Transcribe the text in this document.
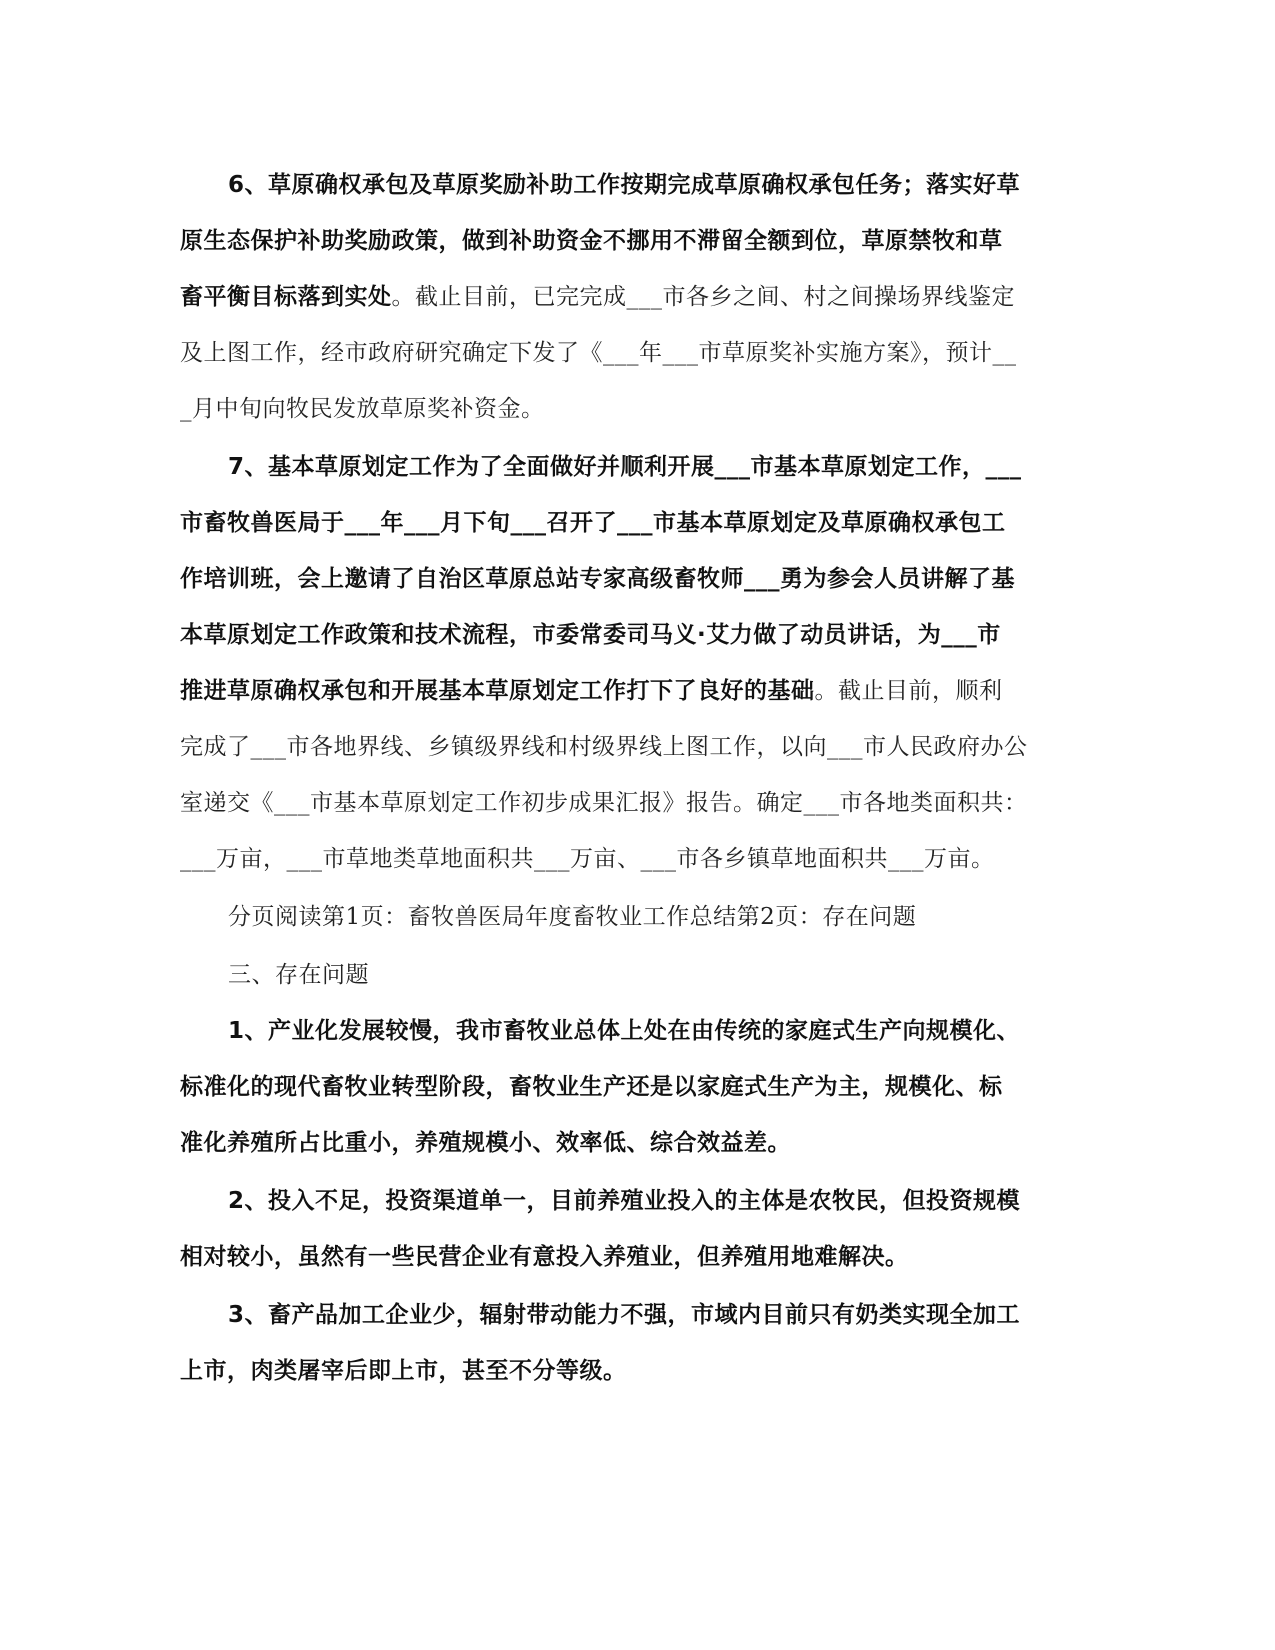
6、草原确权承包及草原奖励补助工作按期完成草原确权承包任务；落实好草
原生态保护补助奖励政策，做到补助资金不挪用不滞留全额到位，草原禁牧和草
畜平衡目标落到实处。截止目前，已完完成___市各乡之间、村之间操场界线鉴定
及上图工作，经市政府研究确定下发了《___年___市草原奖补实施方案》，预计__
_月中旬向牧民发放草原奖补资金。
7、基本草原划定工作为了全面做好并顺利开展___市基本草原划定工作，___
市畜牧兽医局于___年___月下旬___召开了___市基本草原划定及草原确权承包工
作培训班，会上邀请了自治区草原总站专家高级畜牧师___勇为参会人员讲解了基
本草原划定工作政策和技术流程，市委常委司马义·艾力做了动员讲话，为___市
推进草原确权承包和开展基本草原划定工作打下了良好的基础。截止目前，顺利
完成了___市各地界线、乡镇级界线和村级界线上图工作，以向___市人民政府办公
室递交《___市基本草原划定工作初步成果汇报》报告。确定___市各地类面积共：
___万亩，___市草地类草地面积共___万亩、___市各乡镇草地面积共___万亩。
分页阅读第1页：畜牧兽医局年度畜牧业工作总结第2页：存在问题
三、存在问题
1、产业化发展较慢，我市畜牧业总体上处在由传统的家庭式生产向规模化、
标准化的现代畜牧业转型阶段，畜牧业生产还是以家庭式生产为主，规模化、标
准化养殖所占比重小，养殖规模小、效率低、综合效益差。
2、投入不足，投资渠道单一，目前养殖业投入的主体是农牧民，但投资规模
相对较小，虽然有一些民营企业有意投入养殖业，但养殖用地难解决。
3、畜产品加工企业少，辐射带动能力不强，市域内目前只有奶类实现全加工
上市，肉类屠宰后即上市，甚至不分等级。
